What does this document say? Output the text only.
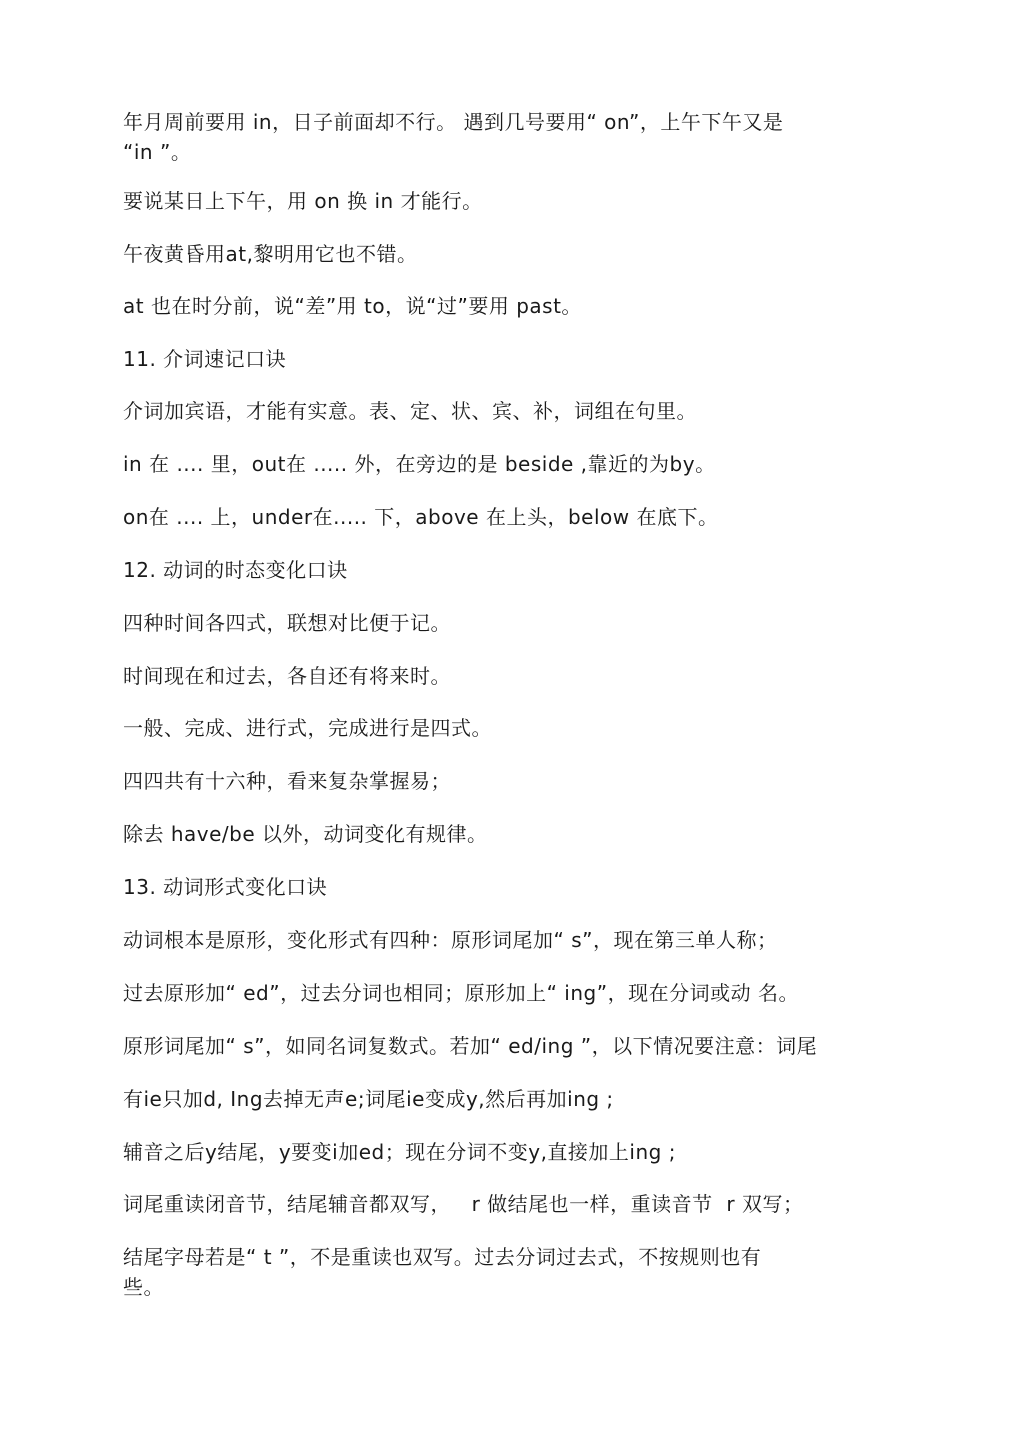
年月周前要用 in，日子前面却不行。 遇到几号要用“ on”，上午下午又是
“in ”。
要说某日上下午，用 on 换 in 才能行。
午夜黄昏用at,黎明用它也不错。
at 也在时分前，说“差”用 to，说“过”要用 past。
11. 介词速记口诀
介词加宾语，才能有实意。表、定、状、宾、补，词组在句里。
in 在 .... 里，out在 ..... 外，在旁边的是 beside ,靠近的为by。
on在 .... 上，under在..... 下，above 在上头，below 在底下。
12. 动词的时态变化口诀
四种时间各四式，联想对比便于记。
时间现在和过去，各自还有将来时。
一般、完成、进行式，完成进行是四式。
四四共有十六种，看来复杂掌握易；
除去 have/be 以外，动词变化有规律。
13. 动词形式变化口诀
动词根本是原形，变化形式有四种：原形词尾加“ s”，现在第三单人称；
过去原形加“ ed”，过去分词也相同；原形加上“ ing”，现在分词或动 名。
原形词尾加“ s”，如同名词复数式。若加“ ed/ing ”，以下情况要注意：词尾
有ie只加d, Ing去掉无声e;词尾ie变成y,然后再加ing ;
辅音之后y结尾，y要变i加ed；现在分词不变y,直接加上ing ;
词尾重读闭音节，结尾辅音都双写，   r 做结尾也一样，重读音节  r 双写；
结尾字母若是“ t ”，不是重读也双写。过去分词过去式，不按规则也有
些。
